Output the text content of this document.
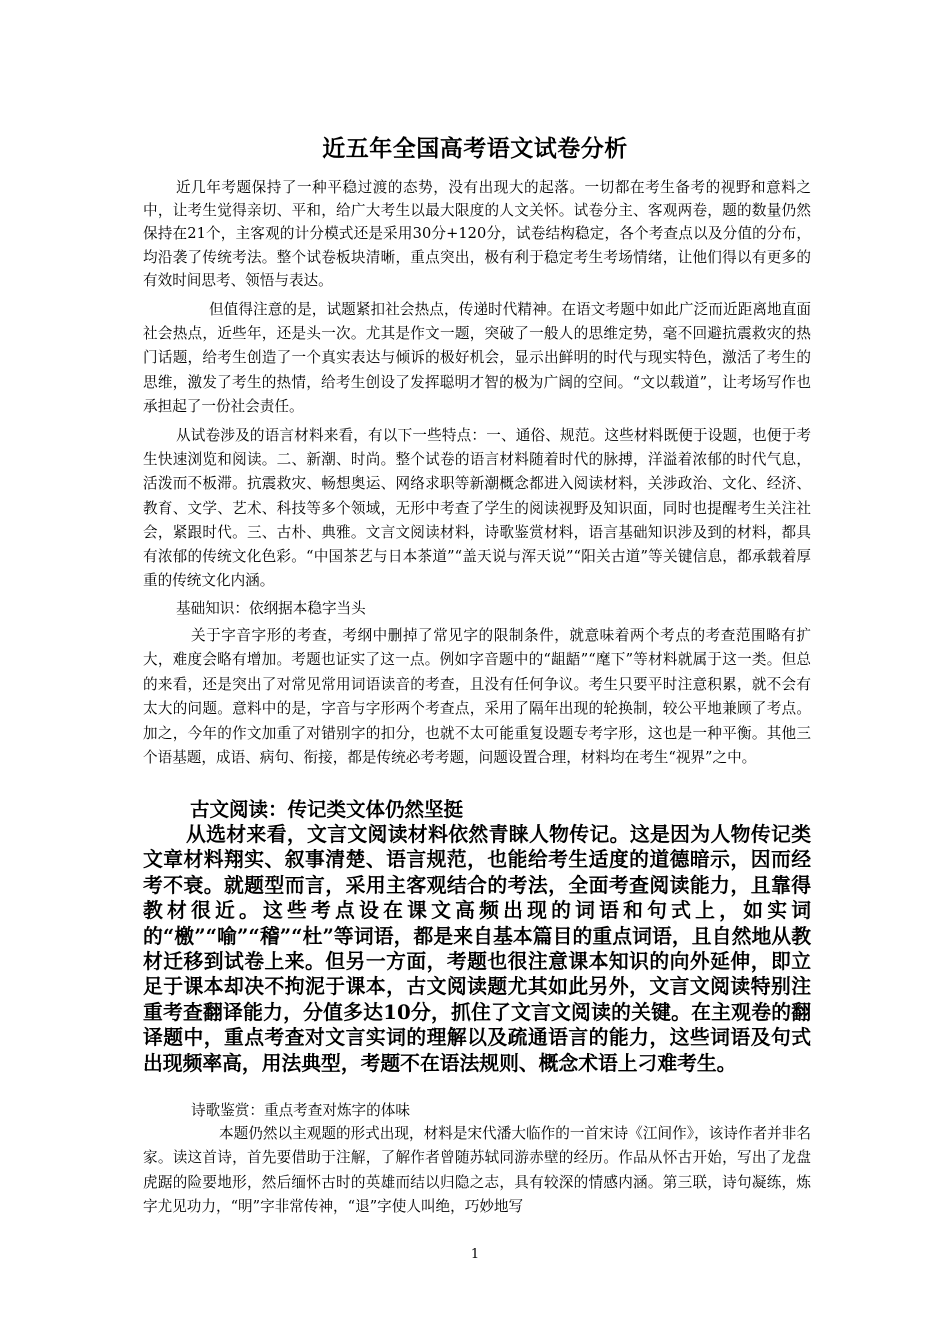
近五年全国高考语文试卷分析

近几年考题保持了一种平稳过渡的态势，没有出现大的起落。一切都在考生备考的视野和意料之中，让考生觉得亲切、平和，给广大考生以最大限度的人文关怀。试卷分主、客观两卷，题的数量仍然保持在21个，主客观的计分模式还是采用30分+120分，试卷结构稳定，各个考查点以及分值的分布，均沿袭了传统考法。整个试卷板块清晰，重点突出，极有利于稳定考生考场情绪，让他们得以有更多的有效时间思考、领悟与表达。

但值得注意的是，试题紧扣社会热点，传递时代精神。在语文考题中如此广泛而近距离地直面社会热点，近些年，还是头一次。尤其是作文一题，突破了一般人的思维定势，毫不回避抗震救灾的热门话题，给考生创造了一个真实表达与倾诉的极好机会，显示出鲜明的时代与现实特色，激活了考生的思维，激发了考生的热情，给考生创设了发挥聪明才智的极为广阔的空间。“文以载道”，让考场写作也承担起了一份社会责任。

从试卷涉及的语言材料来看，有以下一些特点：一、通俗、规范。这些材料既便于设题，也便于考生快速浏览和阅读。二、新潮、时尚。整个试卷的语言材料随着时代的脉搏，洋溢着浓郁的时代气息，活泼而不板滞。抗震救灾、畅想奥运、网络求职等新潮概念都进入阅读材料，关涉政治、文化、经济、教育、文学、艺术、科技等多个领域，无形中考查了学生的阅读视野及知识面，同时也提醒考生关注社会，紧跟时代。三、古朴、典雅。文言文阅读材料，诗歌鉴赏材料，语言基础知识涉及到的材料，都具有浓郁的传统文化色彩。“中国茶艺与日本茶道”“盖天说与浑天说”“阳关古道”等关键信息，都承载着厚重的传统文化内涵。

基础知识：依纲据本稳字当头

关于字音字形的考查，考纲中删掉了常见字的限制条件，就意味着两个考点的考查范围略有扩大，难度会略有增加。考题也证实了这一点。例如字音题中的“龃龉”“麾下”等材料就属于这一类。但总的来看，还是突出了对常见常用词语读音的考查，且没有任何争议。考生只要平时注意积累，就不会有太大的问题。意料中的是，字音与字形两个考查点，采用了隔年出现的轮换制，较公平地兼顾了考点。加之，今年的作文加重了对错别字的扣分，也就不太可能重复设题专考字形，这也是一种平衡。其他三个语基题，成语、病句、衔接，都是传统必考考题，问题设置合理，材料均在考生“视界”之中。

古文阅读：传记类文体仍然坚挺

从选材来看，文言文阅读材料依然青睐人物传记。这是因为人物传记类文章材料翔实、叙事清楚、语言规范，也能给考生适度的道德暗示，因而经考不衰。就题型而言，采用主客观结合的考法，全面考查阅读能力，且靠得教材很近。这些考点设在课文高频出现的词语和句式上，如实词的“檄”“喻”“稽”“杜”等词语，都是来自基本篇目的重点词语，且自然地从教材迁移到试卷上来。但另一方面，考题也很注意课本知识的向外延伸，即立足于课本却决不拘泥于课本，古文阅读题尤其如此另外，文言文阅读特别注重考查翻译能力，分值多达10分，抓住了文言文阅读的关键。在主观卷的翻译题中，重点考查对文言实词的理解以及疏通语言的能力，这些词语及句式出现频率高，用法典型，考题不在语法规则、概念术语上刁难考生。

诗歌鉴赏：重点考查对炼字的体味

本题仍然以主观题的形式出现，材料是宋代潘大临作的一首宋诗《江间作》，该诗作者并非名家。读这首诗，首先要借助于注解，了解作者曾随苏轼同游赤壁的经历。作品从怀古开始，写出了龙盘虎踞的险要地形，然后缅怀古时的英雄而结以归隐之志，具有较深的情感内涵。第三联，诗句凝练，炼字尤见功力，“明”字非常传神，“退”字使人叫绝，巧妙地写

1
